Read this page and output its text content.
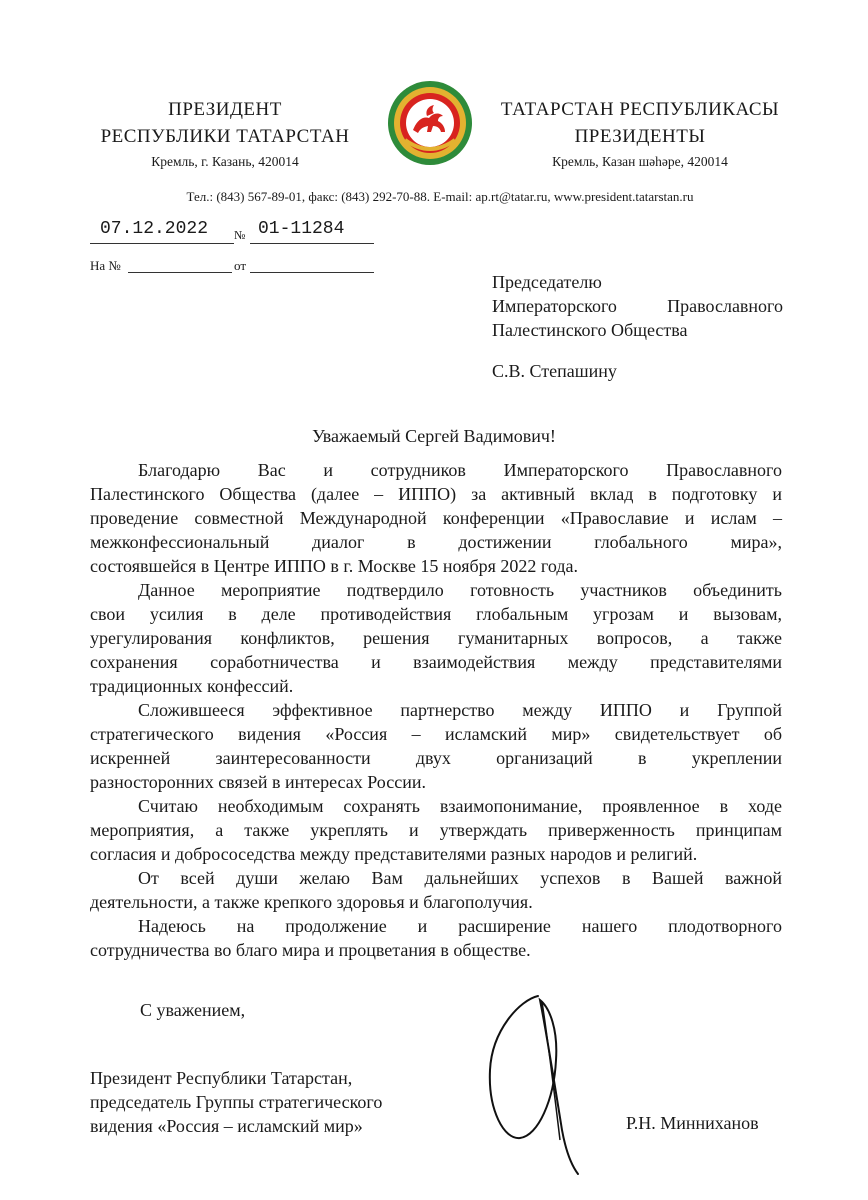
ПРЕЗИДЕНТ
РЕСПУБЛИКИ ТАТАРСТАН
Кремль, г. Казань, 420014
ТАТАРСТАН РЕСПУБЛИКАСЫ
ПРЕЗИДЕНТЫ
Кремль, Казан шәһәре, 420014
Тел.: (843) 567-89-01, факс: (843) 292-70-88. E-mail: ap.rt@tatar.ru, www.president.tatarstan.ru
07.12.2022 № 01-11284
На №	от
Председателю
Императорского	Православного
Палестинского Общества
С.В. Степашину
Уважаемый Сергей Вадимович!
Благодарю Вас и сотрудников Императорского Православного
Палестинского Общества (далее – ИППО) за активный вклад в подготовку и
проведение совместной Международной конференции «Православие и ислам –
межконфессиональный диалог в достижении глобального мира»,
состоявшейся в Центре ИППО в г. Москве 15 ноября 2022 года.
Данное мероприятие подтвердило готовность участников объединить
свои усилия в деле противодействия глобальным угрозам и вызовам,
урегулирования конфликтов, решения гуманитарных вопросов, а также
сохранения соработничества и взаимодействия между представителями
традиционных конфессий.
Сложившееся эффективное партнерство между ИППО и Группой
стратегического видения «Россия – исламский мир» свидетельствует об
искренней заинтересованности двух организаций в укреплении
разносторонних связей в интересах России.
Считаю необходимым сохранять взаимопонимание, проявленное в ходе
мероприятия, а также укреплять и утверждать приверженность принципам
согласия и добрососедства между представителями разных народов и религий.
От всей души желаю Вам дальнейших успехов в Вашей важной
деятельности, а также крепкого здоровья и благополучия.
Надеюсь на продолжение и расширение нашего плодотворного
сотрудничества во благо мира и процветания в обществе.
С уважением,
Президент Республики Татарстан,
председатель Группы стратегического
видения «Россия – исламский мир»	Р.Н. Минниханов
